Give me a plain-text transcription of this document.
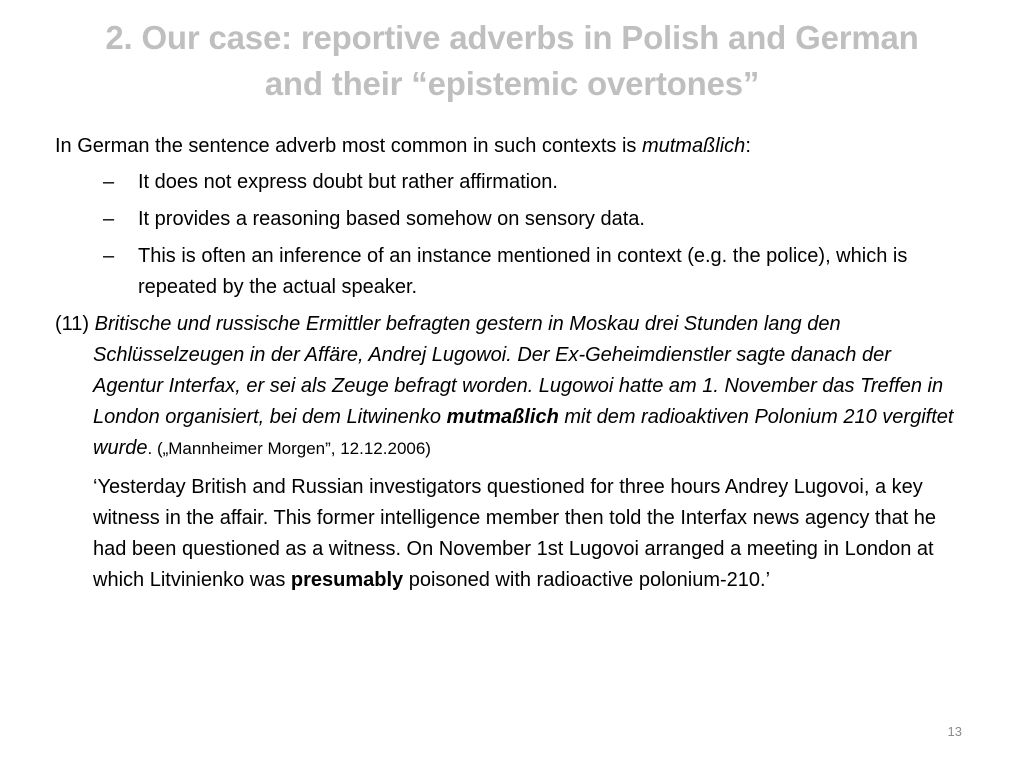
2. Our case: reportive adverbs in Polish and German
and their “epistemic overtones”

In German the sentence adverb most common in such contexts is mutmaßlich:

– It does not express doubt but rather affirmation.
– It provides a reasoning based somehow on sensory data.
– This is often an inference of an instance mentioned in context (e.g. the police), which is repeated by the actual speaker.

(11) Britische und russische Ermittler befragten gestern in Moskau drei Stunden lang den Schlüsselzeugen in der Affäre, Andrej Lugowoi. Der Ex-Geheimdienstler sagte danach der Agentur Interfax, er sei als Zeuge befragt worden. Lugowoi hatte am 1. November das Treffen in London organisiert, bei dem Litwinenko mutmaßlich mit dem radioaktiven Polonium 210 vergiftet wurde. („Mannheimer Morgen”, 12.12.2006)

‘Yesterday British and Russian investigators questioned for three hours Andrey Lugovoi, a key witness in the affair. This former intelligence member then told the Interfax news agency that he had been questioned as a witness. On November 1st Lugovoi arranged a meeting in London at which Litvinienko was presumably poisoned with radioactive polonium-210.’

13
